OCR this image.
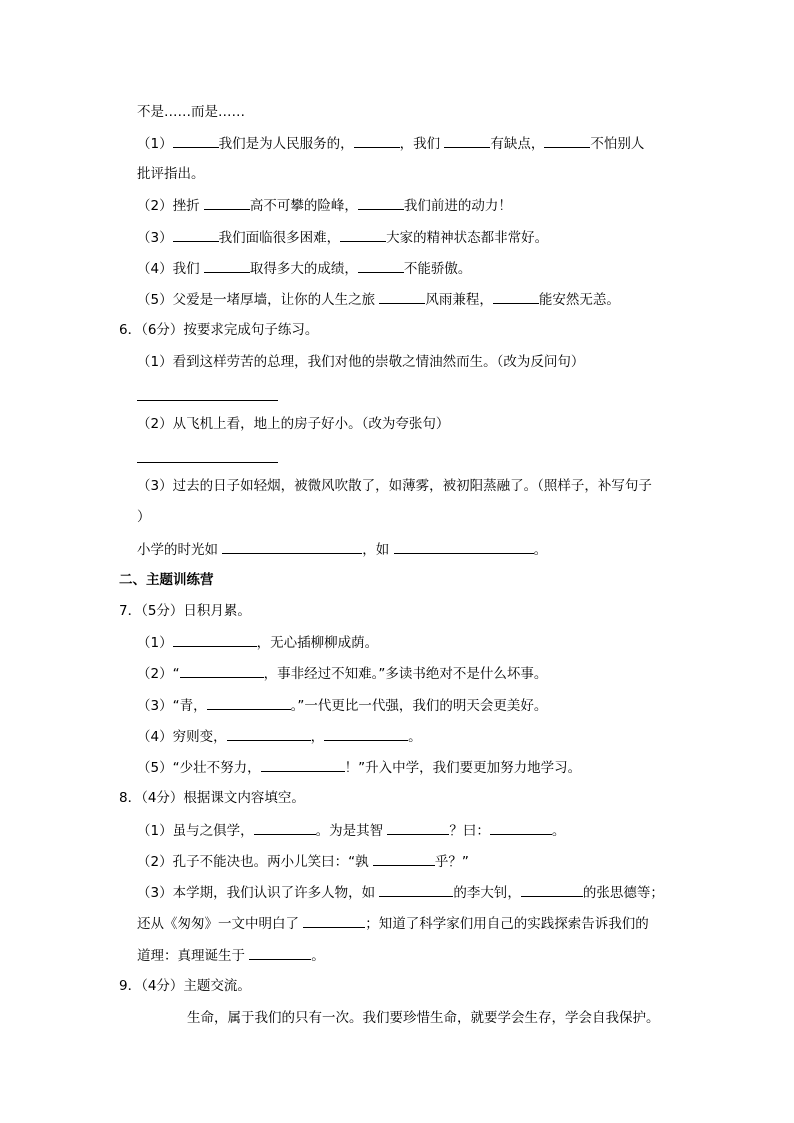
不是……而是……
（1）	我们是为人民服务的，	，我们	有缺点，	不怕别人
批评指出。
（2）挫折	高不可攀的险峰，	我们前进的动力！
（3）	我们面临很多困难，	大家的精神状态都非常好。
（4）我们	取得多大的成绩，	不能骄傲。
（5）父爱是一堵厚墙，让你的人生之旅	风雨兼程，	能安然无恙。
6．（6分）按要求完成句子练习。
（1）看到这样劳苦的总理，我们对他的崇敬之情油然而生。（改为反问句）
（2）从飞机上看，地上的房子好小。（改为夸张句）
（3）过去的日子如轻烟，被微风吹散了，如薄雾，被初阳蒸融了。（照样子，补写句子
）
小学的时光如	，如	。
二、主题训练营
7．（5分）日积月累。
（1）	，无心插柳柳成荫。
（2）“	，事非经过不知难。”多读书绝对不是什么坏事。
（3）“青，	。”一代更比一代强，我们的明天会更美好。
（4）穷则变，	，	。
（5）“少壮不努力，	！”升入中学，我们要更加努力地学习。
8．（4分）根据课文内容填空。
（1）虽与之俱学，	。为是其智	？曰：	。
（2）孔子不能决也。两小儿笑曰：“孰	乎？”
（3）本学期，我们认识了许多人物，如	的李大钊，	的张思德等；
还从《匆匆》一文中明白了	；知道了科学家们用自己的实践探索告诉我们的
道理：真理诞生于	。
9．（4分）主题交流。
生命，属于我们的只有一次。我们要珍惜生命，就要学会生存，学会自我保护。
